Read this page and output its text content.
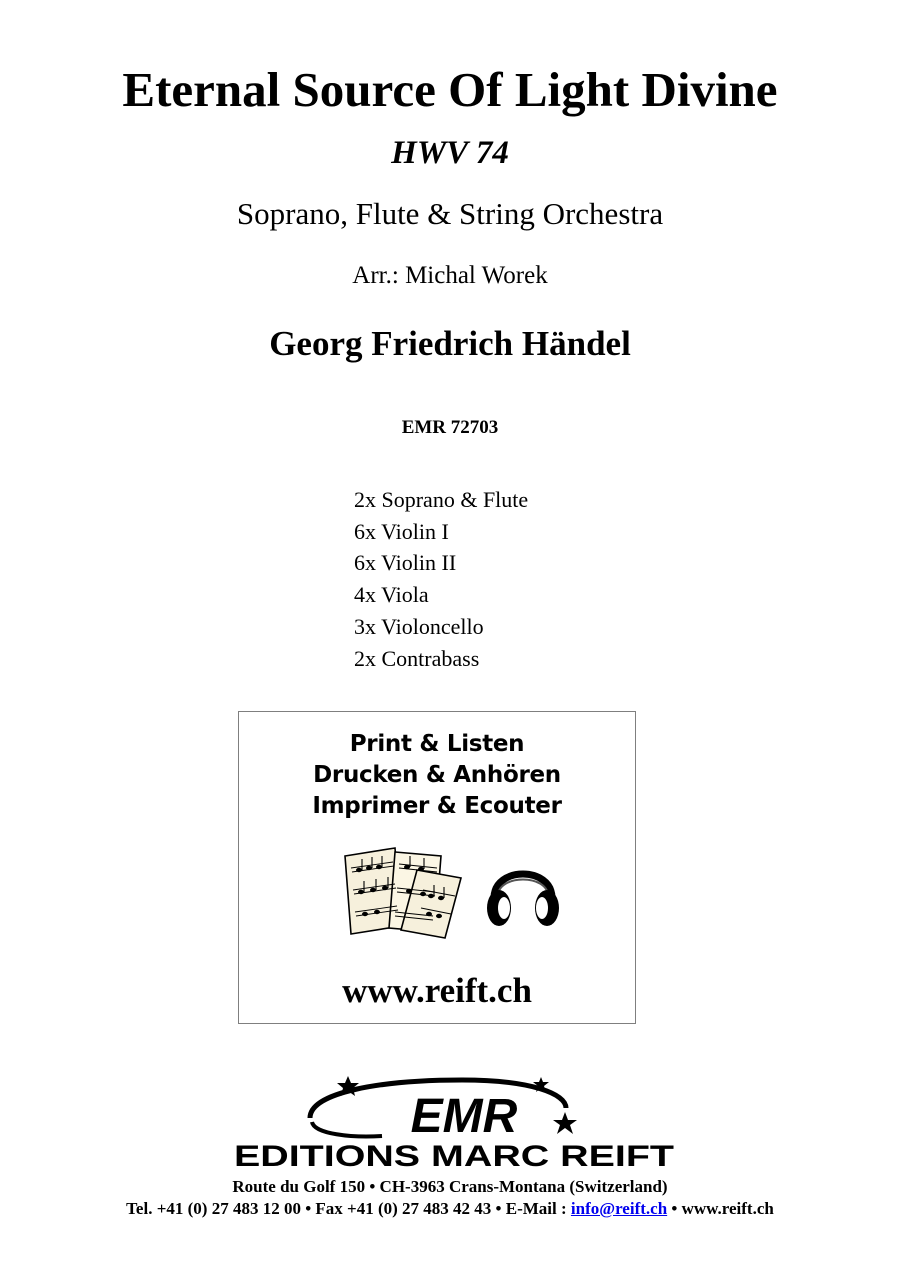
Eternal Source Of Light Divine
HWV 74
Soprano, Flute & String Orchestra
Arr.: Michal Worek
Georg Friedrich Händel
EMR 72703
2x Soprano & Flute
6x Violin I
6x Violin II
4x Viola
3x Violoncello
2x Contrabass
Print & Listen
Drucken & Anhören
Imprimer & Ecouter
www.reift.ch
EMR
EDITIONS MARC REIFT
Route du Golf 150 • CH-3963 Crans-Montana (Switzerland)
Tel. +41 (0) 27 483 12 00 • Fax +41 (0) 27 483 42 43 • E-Mail : info@reift.ch • www.reift.ch
